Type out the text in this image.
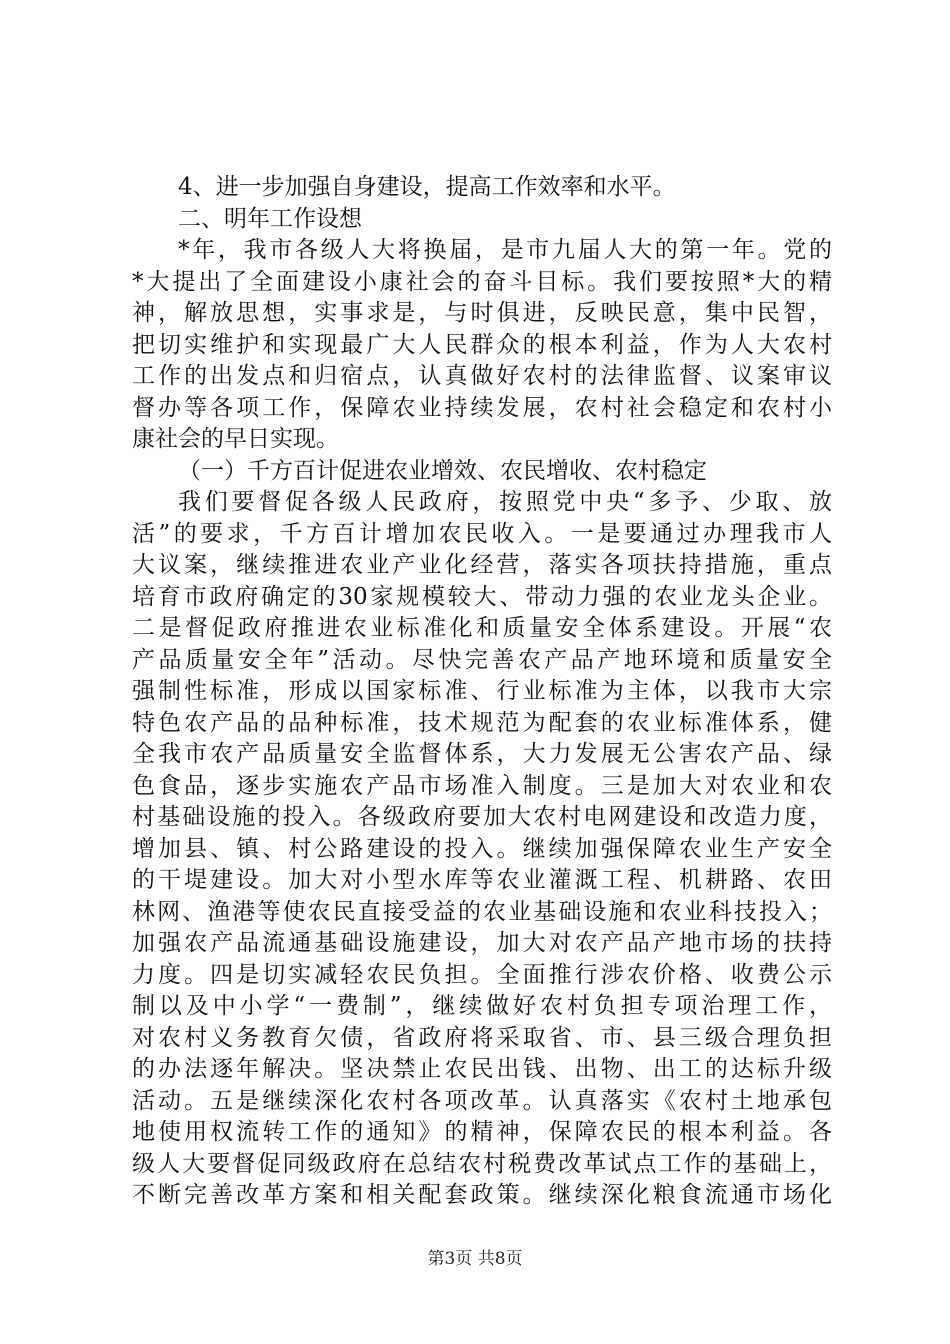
4、进一步加强自身建设，提高工作效率和水平。
二、明年工作设想
*年，我市各级人大将换届，是市九届人大的第一年。党的
*大提出了全面建设小康社会的奋斗目标。我们要按照*大的精
神，解放思想，实事求是，与时俱进，反映民意，集中民智，
把切实维护和实现最广大人民群众的根本利益，作为人大农村
工作的出发点和归宿点，认真做好农村的法律监督、议案审议
督办等各项工作，保障农业持续发展，农村社会稳定和农村小
康社会的早日实现。
（一）千方百计促进农业增效、农民增收、农村稳定
我们要督促各级人民政府，按照党中央“多予、少取、放
活”的要求，千方百计增加农民收入。一是要通过办理我市人
大议案，继续推进农业产业化经营，落实各项扶持措施，重点
培育市政府确定的30家规模较大、带动力强的农业龙头企业。
二是督促政府推进农业标准化和质量安全体系建设。开展“农
产品质量安全年”活动。尽快完善农产品产地环境和质量安全
强制性标准，形成以国家标准、行业标准为主体，以我市大宗
特色农产品的品种标准，技术规范为配套的农业标准体系，健
全我市农产品质量安全监督体系，大力发展无公害农产品、绿
色食品，逐步实施农产品市场准入制度。三是加大对农业和农
村基础设施的投入。各级政府要加大农村电网建设和改造力度，
增加县、镇、村公路建设的投入。继续加强保障农业生产安全
的干堤建设。加大对小型水库等农业灌溉工程、机耕路、农田
林网、渔港等使农民直接受益的农业基础设施和农业科技投入；
加强农产品流通基础设施建设，加大对农产品产地市场的扶持
力度。四是切实减轻农民负担。全面推行涉农价格、收费公示
制以及中小学“一费制”，继续做好农村负担专项治理工作，
对农村义务教育欠债，省政府将采取省、市、县三级合理负担
的办法逐年解决。坚决禁止农民出钱、出物、出工的达标升级
活动。五是继续深化农村各项改革。认真落实《农村土地承包
地使用权流转工作的通知》的精神，保障农民的根本利益。各
级人大要督促同级政府在总结农村税费改革试点工作的基础上，
不断完善改革方案和相关配套政策。继续深化粮食流通市场化
第3页 共8页
